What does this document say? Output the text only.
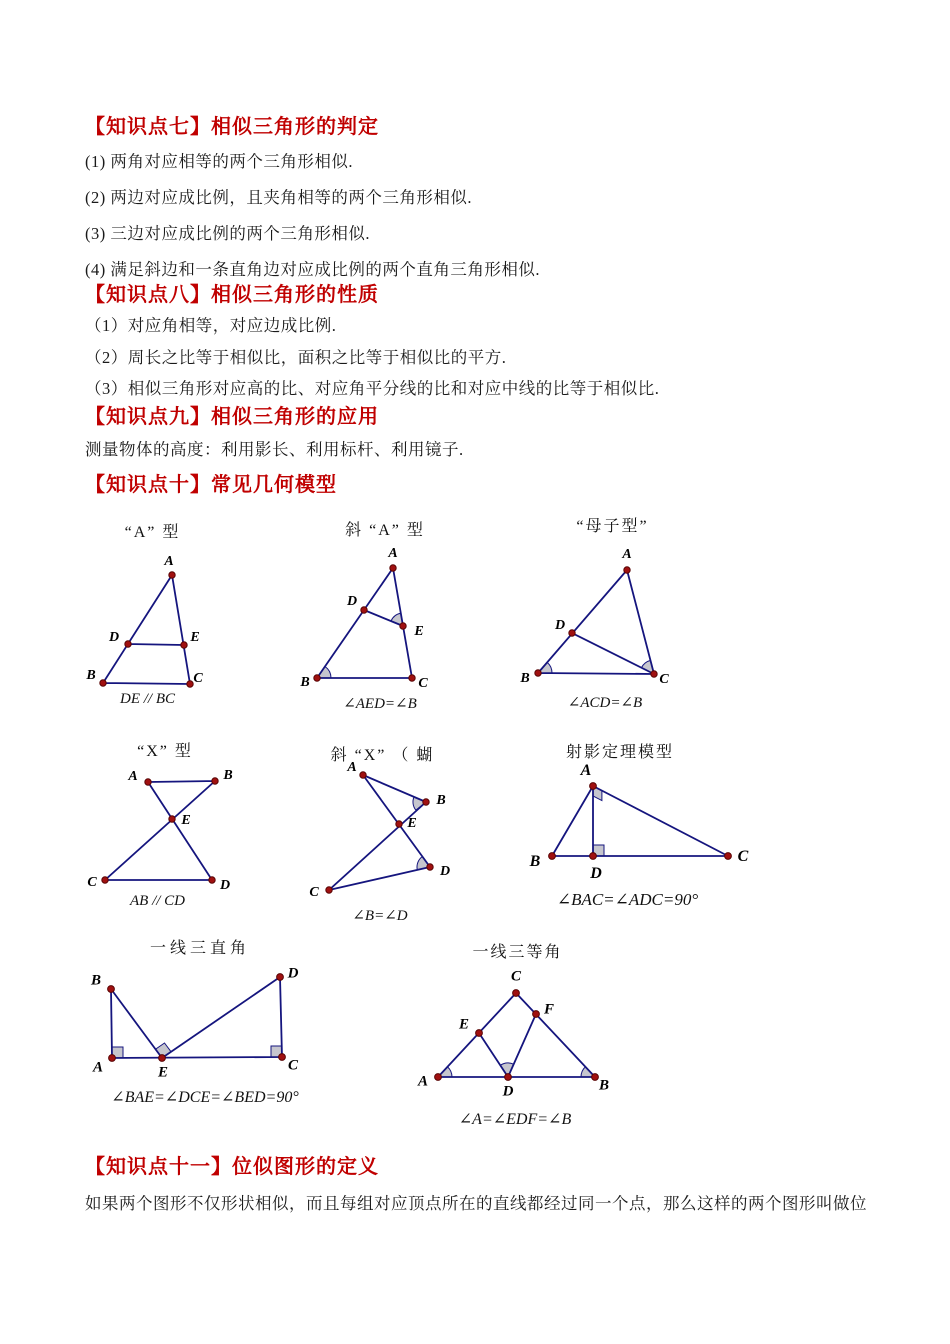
【知识点七】相似三角形的判定
(1) 两角对应相等的两个三角形相似.
(2) 两边对应成比例，且夹角相等的两个三角形相似.
(3) 三边对应成比例的两个三角形相似.
(4) 满足斜边和一条直角边对应成比例的两个直角三角形相似.
【知识点八】相似三角形的性质
（1）对应角相等，对应边成比例.
（2）周长之比等于相似比，面积之比等于相似比的平方.
（3）相似三角形对应高的比、对应角平分线的比和对应中线的比等于相似比.
【知识点九】相似三角形的应用
测量物体的高度：利用影长、利用标杆、利用镜子.
【知识点十】常见几何模型
“A” 型
A
D	E
B	C
DE // BC
斜 “A” 型
A
D
E
B	C
∠AED=∠B
“母子型”
A
D
B	C
∠ACD=∠B
“X” 型
A	B
E
C	D
AB // CD
斜 “X” （ 蝴
A
B
E
D
C
∠B=∠D
射影定理模型
A
B
D
C
∠BAC=∠ADC=90°
一线三直角
B	D
A	E	C
∠BAE=∠DCE=∠BED=90°
一线三等角
C
F
E
A
D	B
∠A=∠EDF=∠B
【知识点十一】位似图形的定义
如果两个图形不仅形状相似，而且每组对应顶点所在的直线都经过同一个点，那么这样的两个图形叫做位
